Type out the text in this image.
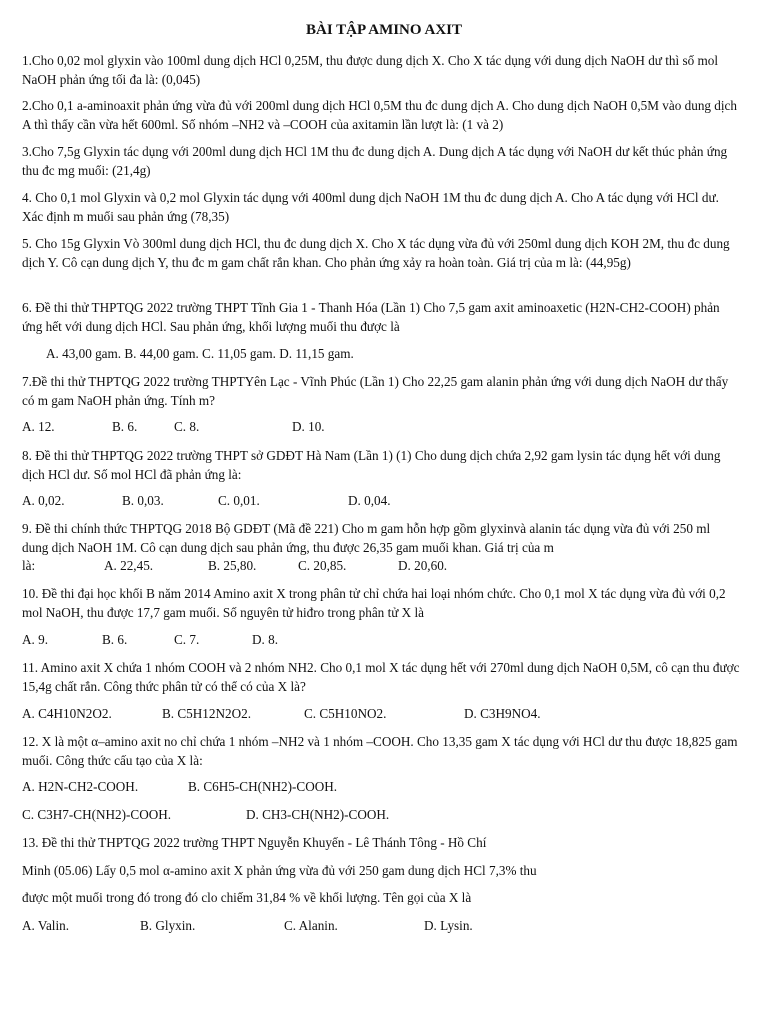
BÀI TẬP AMINO AXIT
1.Cho 0,02 mol glyxin vào 100ml dung dịch HCl 0,25M, thu được dung dịch X. Cho X tác dụng với dung dịch NaOH dư thì số mol NaOH phản ứng tối đa là: (0,045)
2.Cho 0,1 a-aminoaxit phản ứng vừa đủ với 200ml dung dịch HCl 0,5M thu đc dung dịch A. Cho dung dịch NaOH 0,5M vào dung dịch A thì thấy cần vừa hết 600ml. Số nhóm –NH2 và –COOH của axitamin lần lượt là: (1 và 2)
3.Cho 7,5g Glyxin tác dụng với 200ml dung dịch HCl 1M thu đc dung dịch A. Dung dịch A tác dụng với NaOH dư kết thúc phản ứng thu đc mg muối: (21,4g)
4. Cho 0,1 mol Glyxin và 0,2 mol Glyxin tác dụng với 400ml dung dịch NaOH 1M thu đc dung dịch A. Cho A tác dụng với HCl dư. Xác định m muối sau phản ứng (78,35)
5. Cho 15g Glyxin Vò 300ml dung dịch HCl, thu đc dung dịch X. Cho X tác dụng vừa đủ với 250ml dung dịch KOH 2M, thu đc dung dịch Y. Cô cạn dung dịch Y, thu đc m gam chất rắn khan. Cho phản ứng xảy ra hoàn toàn. Giá trị của m là: (44,95g)
6. Đề thi thử THPTQG 2022 trường THPT Tĩnh Gia 1 - Thanh Hóa (Lần 1) Cho 7,5 gam axit aminoaxetic (H2N-CH2-COOH) phản ứng hết với dung dịch HCl. Sau phản ứng, khối lượng muối thu được là
A. 43,00 gam. B. 44,00 gam. C. 11,05 gam. D. 11,15 gam.
7.Đề thi thử THPTQG 2022 trường THPTYên Lạc - Vĩnh Phúc (Lần 1) Cho 22,25 gam alanin phản ứng với dung dịch NaOH dư thấy có m gam NaOH phản ứng. Tính m?
A. 12.	B. 6.	C. 8.	D. 10.
8. Đề thi thử THPTQG 2022 trường THPT sở GDĐT Hà Nam (Lần 1) (1) Cho dung dịch chứa 2,92 gam lysin tác dụng hết với dung dịch HCl dư. Số mol HCl đã phản ứng là:
A. 0,02.	B. 0,03.	C. 0,01.	D. 0,04.
9. Đề thi chính thức THPTQG 2018 Bộ GDĐT (Mã đề 221) Cho m gam hỗn hợp gồm glyxinvà alanin tác dụng vừa đủ với 250 ml dung dịch NaOH 1M. Cô cạn dung dịch sau phản ứng, thu được 26,35 gam muối khan. Giá trị của m
là:	A. 22,45.	B. 25,80.	C. 20,85.	D. 20,60.
10. Đề thi đại học khối B năm 2014 Amino axit X trong phân tử chỉ chứa hai loại nhóm chức. Cho 0,1 mol X tác dụng vừa đủ với 0,2 mol NaOH, thu được 17,7 gam muối. Số nguyên tử hiđro trong phân tử X là
A. 9.	B. 6.	C. 7.	D. 8.
11. Amino axit X chứa 1 nhóm COOH và 2 nhóm NH2. Cho 0,1 mol X tác dụng hết với 270ml dung dịch NaOH 0,5M, cô cạn thu được 15,4g chất rắn. Công thức phân tử có thể có của X là?
A. C4H10N2O2.	B. C5H12N2O2.	C. C5H10NO2.	D. C3H9NO4.
12. X là một α–amino axit no chỉ chứa 1 nhóm –NH2 và 1 nhóm –COOH. Cho 13,35 gam X tác dụng với HCl dư thu được 18,825 gam muối. Công thức cấu tạo của X là:
A. H2N-CH2-COOH.	B. C6H5-CH(NH2)-COOH.
C. C3H7-CH(NH2)-COOH.	D. CH3-CH(NH2)-COOH.
13. Đề thi thử THPTQG 2022 trường THPT Nguyễn Khuyến - Lê Thánh Tông - Hồ Chí
Minh (05.06) Lấy 0,5 mol α-amino axit X phản ứng vừa đủ với 250 gam dung dịch HCl 7,3% thu
được một muối trong đó trong đó clo chiếm 31,84 % về khối lượng. Tên gọi của X là
A. Valin.	B. Glyxin.	C. Alanin.	D. Lysin.
